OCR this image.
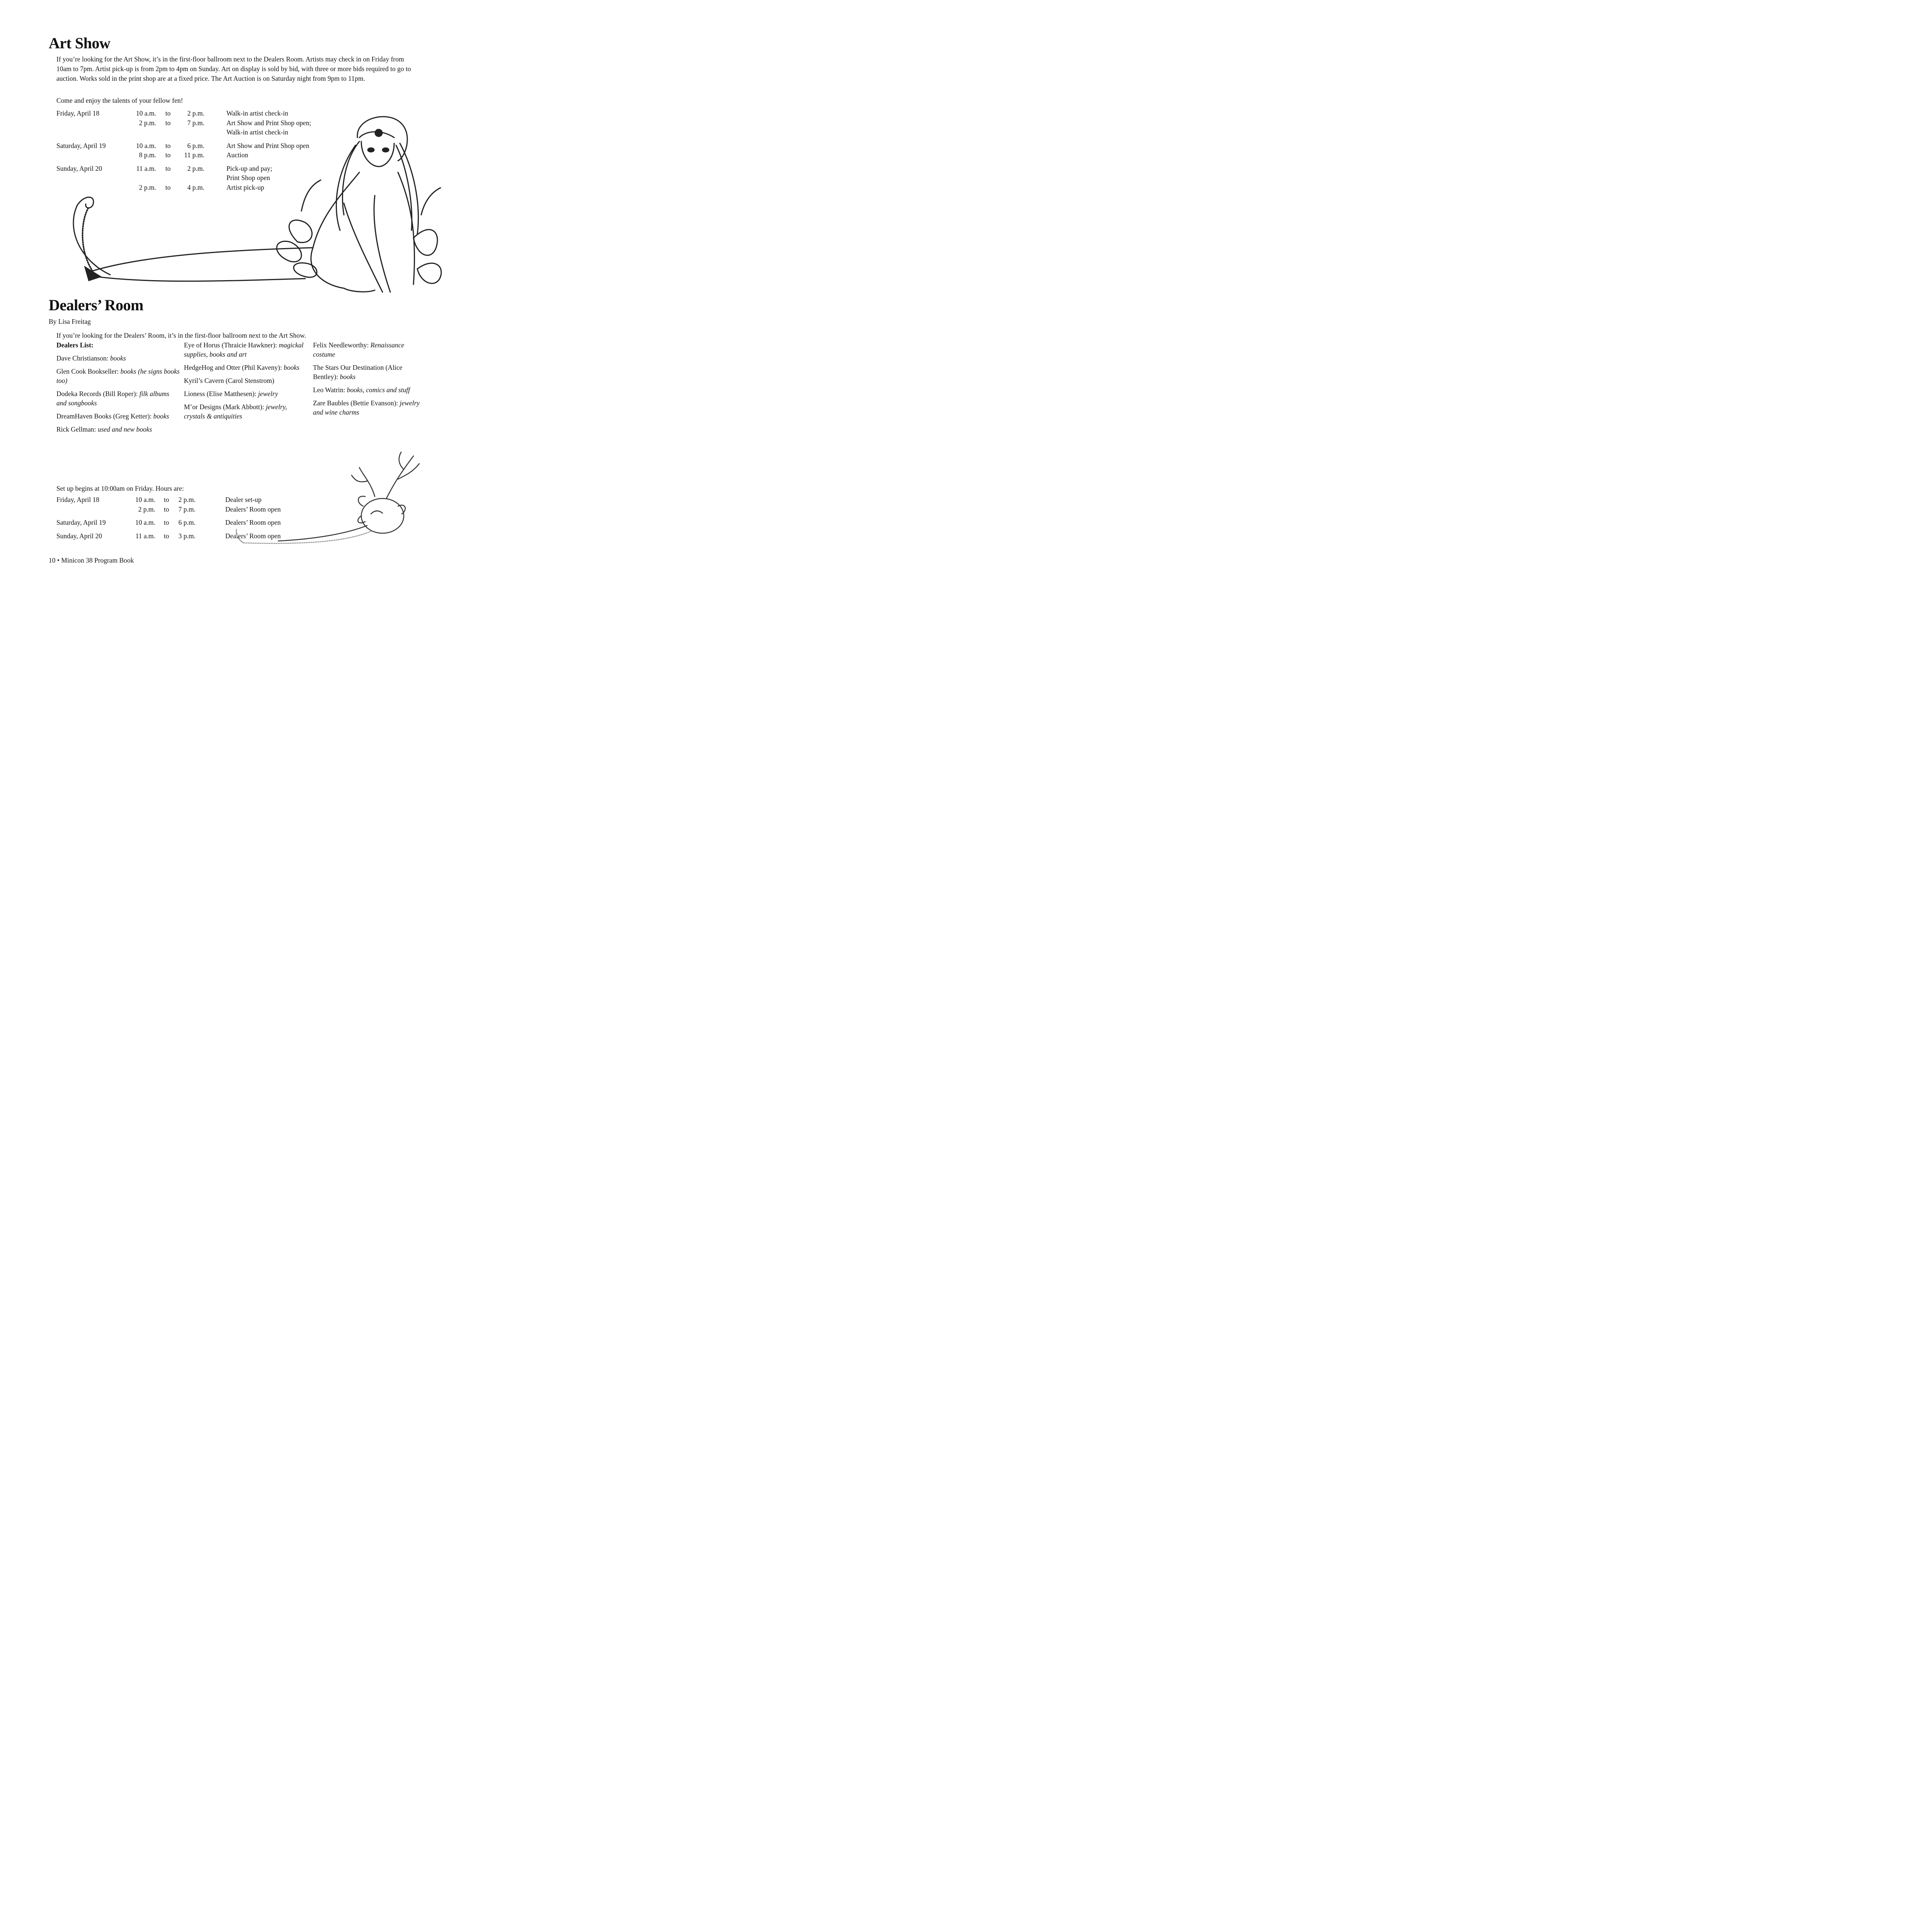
Art Show
If you’re looking for the Art Show, it’s in the first-floor ballroom next to the Dealers Room. Artists may check in on Friday from 10am to 7pm. Artist pick-up is from 2pm to 4pm on Sunday. Art on display is sold by bid, with three or more bids required to go to auction. Works sold in the print shop are at a fixed price. The Art Auction is on Saturday night from 9pm to 11pm.
Come and enjoy the talents of your fellow fen!
Friday, April 18	10 a.m. to	2 p.m.	Walk-in artist check-in
2 p.m. to	7 p.m.	Art Show and Print Shop open;
Walk-in artist check-in
Saturday, April 19	10 a.m. to	6 p.m.	Art Show and Print Shop open
8 p.m. to	11 p.m.	Auction
Sunday, April 20	11 a.m. to	2 p.m.	Pick-up and pay;
Print Shop open
2 p.m. to	4 p.m.	Artist pick-up
Dealers’ Room
By Lisa Freitag
If you’re looking for the Dealers’ Room, it’s in the first-floor ballroom next to the Art Show.
Dealers List:
Dave Christianson: books
Glen Cook Bookseller: books (he signs books too)
Dodeka Records (Bill Roper): filk albums and songbooks
DreamHaven Books (Greg Ketter): books
Rick Gellman: used and new books
Eye of Horus (Thraicie Hawkner): magickal supplies, books and art
HedgeHog and Otter (Phil Kaveny): books
Kyril’s Cavern (Carol Stenstrom)
Lioness (Elise Matthesen): jewelry
M’or Designs (Mark Abbott): jewelry, crystals & antiquities
Felix Needleworthy: Renaissance costume
The Stars Our Destination (Alice Bentley): books
Leo Watrin: books, comics and stuff
Zare Baubles (Bettie Evanson): jewelry and wine charms
Set up begins at 10:00am on Friday. Hours are:
Friday, April 18	10 a.m. to	2 p.m.	Dealer set-up
2 p.m. to	7 p.m.	Dealers’ Room open
Saturday, April 19	10 a.m. to	6 p.m.	Dealers’ Room open
Sunday, April 20	11 a.m. to	3 p.m.	Dealers’ Room open
10 • Minicon 38 Program Book
